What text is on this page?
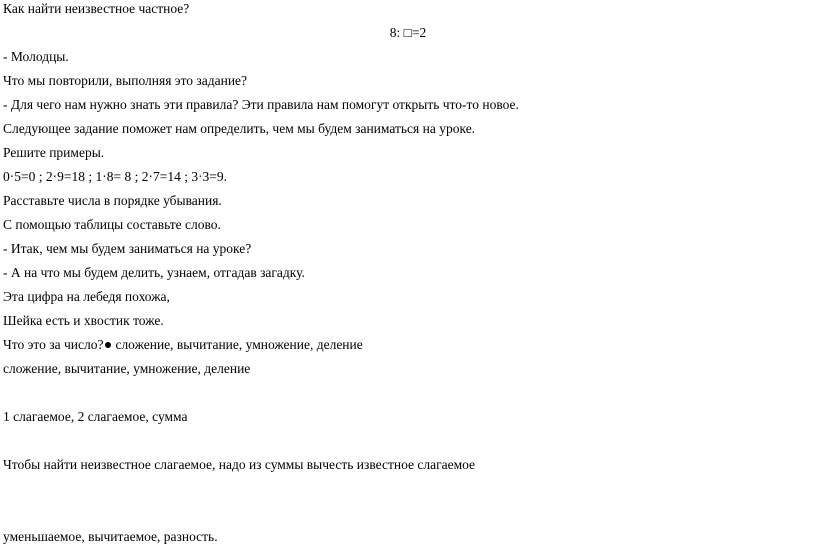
Как найти неизвестное частное?
8: □=2
- Молодцы.
Что мы повторили, выполняя это задание?
- Для чего нам нужно знать эти правила? Эти правила нам помогут открыть что-то новое.
Следующее задание поможет нам определить, чем мы будем заниматься на уроке.
Решите примеры.
0·5=0 ; 2·9=18 ; 1·8= 8 ; 2·7=14 ; 3·3=9.
Расставьте числа в порядке убывания.
С помощью таблицы составьте слово.
- Итак, чем мы будем заниматься на уроке?
- А на что мы будем делить, узнаем, отгадав загадку.
Эта цифра на лебедя похожа,
Шейка есть и хвостик тоже.
Что это за число? сложение, вычитание, умножение, деление
сложение, вычитание, умножение, деление
1 слагаемое, 2 слагаемое, сумма
Чтобы найти неизвестное слагаемое, надо из суммы вычесть известное слагаемое
уменьшаемое, вычитаемое, разность.
